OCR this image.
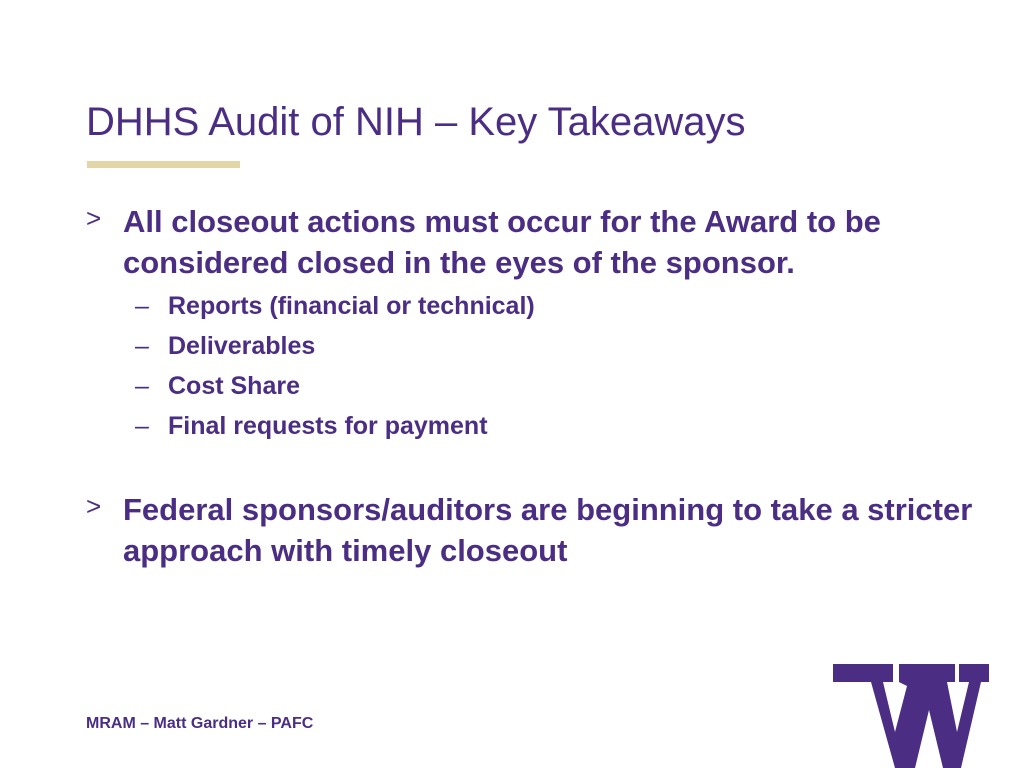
DHHS Audit of NIH – Key Takeaways
> All closeout actions must occur for the Award to be considered closed in the eyes of the sponsor.
– Reports (financial or technical)
– Deliverables
– Cost Share
– Final requests for payment
> Federal sponsors/auditors are beginning to take a stricter approach with timely closeout
MRAM – Matt Gardner – PAFC
